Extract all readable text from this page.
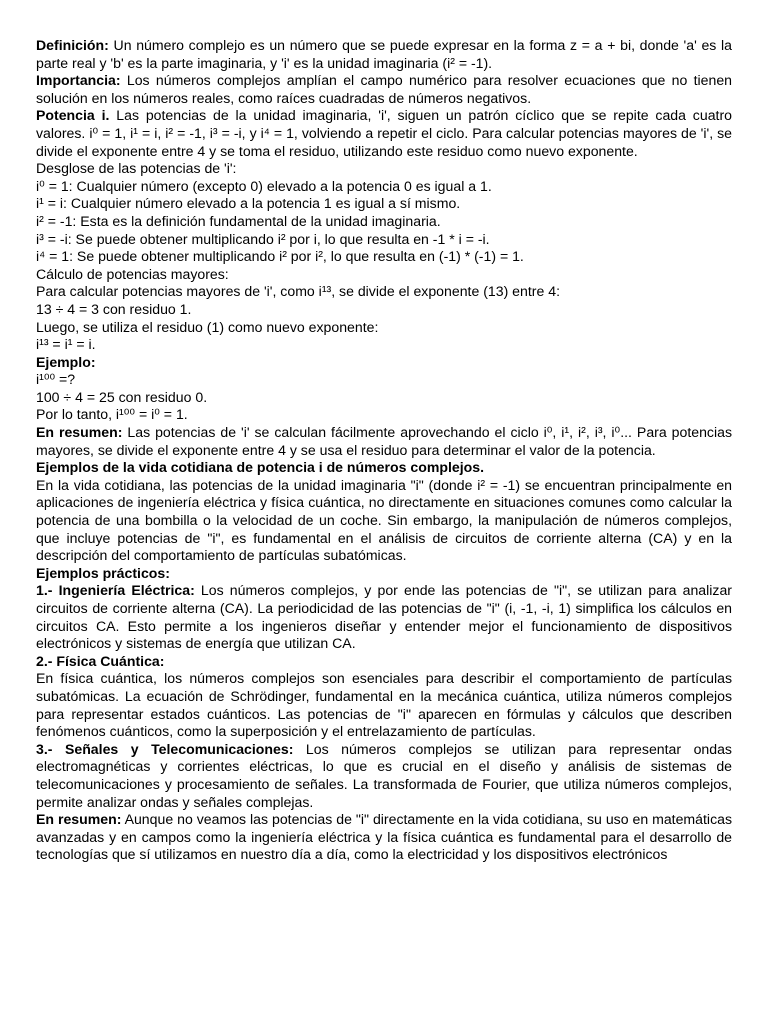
Definición: Un número complejo es un número que se puede expresar en la forma z = a + bi, donde 'a' es la parte real y 'b' es la parte imaginaria, y 'i' es la unidad imaginaria (i² = -1).

Importancia: Los números complejos amplían el campo numérico para resolver ecuaciones que no tienen solución en los números reales, como raíces cuadradas de números negativos.

Potencia i. Las potencias de la unidad imaginaria, 'i', siguen un patrón cíclico que se repite cada cuatro valores. i⁰ = 1, i¹ = i, i² = -1, i³ = -i, y i⁴ = 1, volviendo a repetir el ciclo. Para calcular potencias mayores de 'i', se divide el exponente entre 4 y se toma el residuo, utilizando este residuo como nuevo exponente.

Desglose de las potencias de 'i':

i⁰ = 1: Cualquier número (excepto 0) elevado a la potencia 0 es igual a 1.

i¹ = i: Cualquier número elevado a la potencia 1 es igual a sí mismo.

i² = -1: Esta es la definición fundamental de la unidad imaginaria.

i³ = -i: Se puede obtener multiplicando i² por i, lo que resulta en -1 * i = -i.

i⁴ = 1: Se puede obtener multiplicando i² por i², lo que resulta en (-1) * (-1) = 1.

Cálculo de potencias mayores:

Para calcular potencias mayores de 'i', como i¹³, se divide el exponente (13) entre 4:

13 ÷ 4 = 3 con residuo 1.

Luego, se utiliza el residuo (1) como nuevo exponente:

i¹³ = i¹ = i.

Ejemplo:

i¹⁰⁰ =?

100 ÷ 4 = 25 con residuo 0.

Por lo tanto, i¹⁰⁰ = i⁰ = 1.

En resumen: Las potencias de 'i' se calculan fácilmente aprovechando el ciclo i⁰, i¹, i², i³, i⁰... Para potencias mayores, se divide el exponente entre 4 y se usa el residuo para determinar el valor de la potencia.

Ejemplos de la vida cotidiana de potencia i de números complejos.

En la vida cotidiana, las potencias de la unidad imaginaria "i" (donde i² = -1) se encuentran principalmente en aplicaciones de ingeniería eléctrica y física cuántica, no directamente en situaciones comunes como calcular la potencia de una bombilla o la velocidad de un coche. Sin embargo, la manipulación de números complejos, que incluye potencias de "i", es fundamental en el análisis de circuitos de corriente alterna (CA) y en la descripción del comportamiento de partículas subatómicas.

Ejemplos prácticos:

1.- Ingeniería Eléctrica: Los números complejos, y por ende las potencias de "i", se utilizan para analizar circuitos de corriente alterna (CA). La periodicidad de las potencias de "i" (i, -1, -i, 1) simplifica los cálculos en circuitos CA. Esto permite a los ingenieros diseñar y entender mejor el funcionamiento de dispositivos electrónicos y sistemas de energía que utilizan CA.

2.- Física Cuántica:

En física cuántica, los números complejos son esenciales para describir el comportamiento de partículas subatómicas. La ecuación de Schrödinger, fundamental en la mecánica cuántica, utiliza números complejos para representar estados cuánticos. Las potencias de "i" aparecen en fórmulas y cálculos que describen fenómenos cuánticos, como la superposición y el entrelazamiento de partículas.

3.- Señales y Telecomunicaciones: Los números complejos se utilizan para representar ondas electromagnéticas y corrientes eléctricas, lo que es crucial en el diseño y análisis de sistemas de telecomunicaciones y procesamiento de señales. La transformada de Fourier, que utiliza números complejos, permite analizar ondas y señales complejas.

En resumen: Aunque no veamos las potencias de "i" directamente en la vida cotidiana, su uso en matemáticas avanzadas y en campos como la ingeniería eléctrica y la física cuántica es fundamental para el desarrollo de tecnologías que sí utilizamos en nuestro día a día, como la electricidad y los dispositivos electrónicos
